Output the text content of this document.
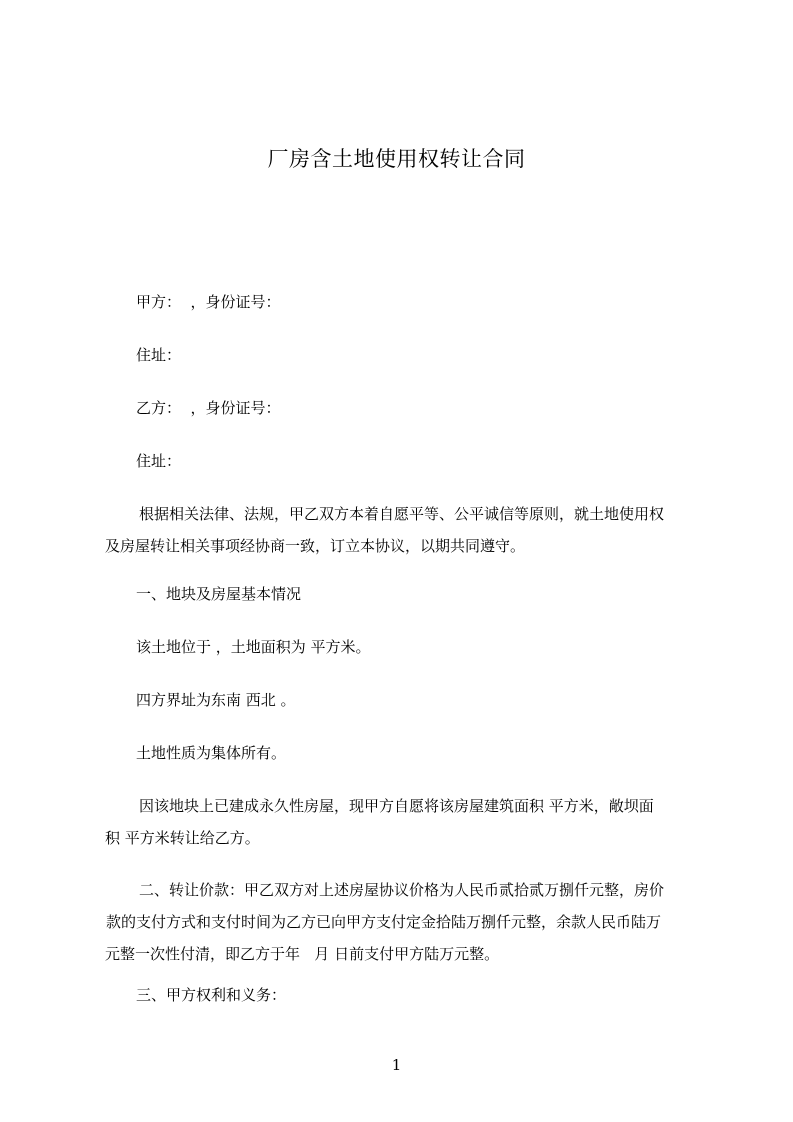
厂房含土地使用权转让合同
甲方：  ，身份证号：
住址：
乙方：  ，身份证号：
住址：
根据相关法律、法规，甲乙双方本着自愿平等、公平诚信等原则，就土地使用权
及房屋转让相关事项经协商一致，订立本协议，以期共同遵守。
一、地块及房屋基本情况
该土地位于 ，土地面积为 平方米。
四方界址为东南 西北 。
土地性质为集体所有。
因该地块上已建成永久性房屋，现甲方自愿将该房屋建筑面积 平方米，敞坝面
积 平方米转让给乙方。
二、转让价款：甲乙双方对上述房屋协议价格为人民币贰拾贰万捌仟元整，房价
款的支付方式和支付时间为乙方已向甲方支付定金拾陆万捌仟元整，余款人民币陆万
元整一次性付清，即乙方于年   月 日前支付甲方陆万元整。
三、甲方权利和义务：
1
